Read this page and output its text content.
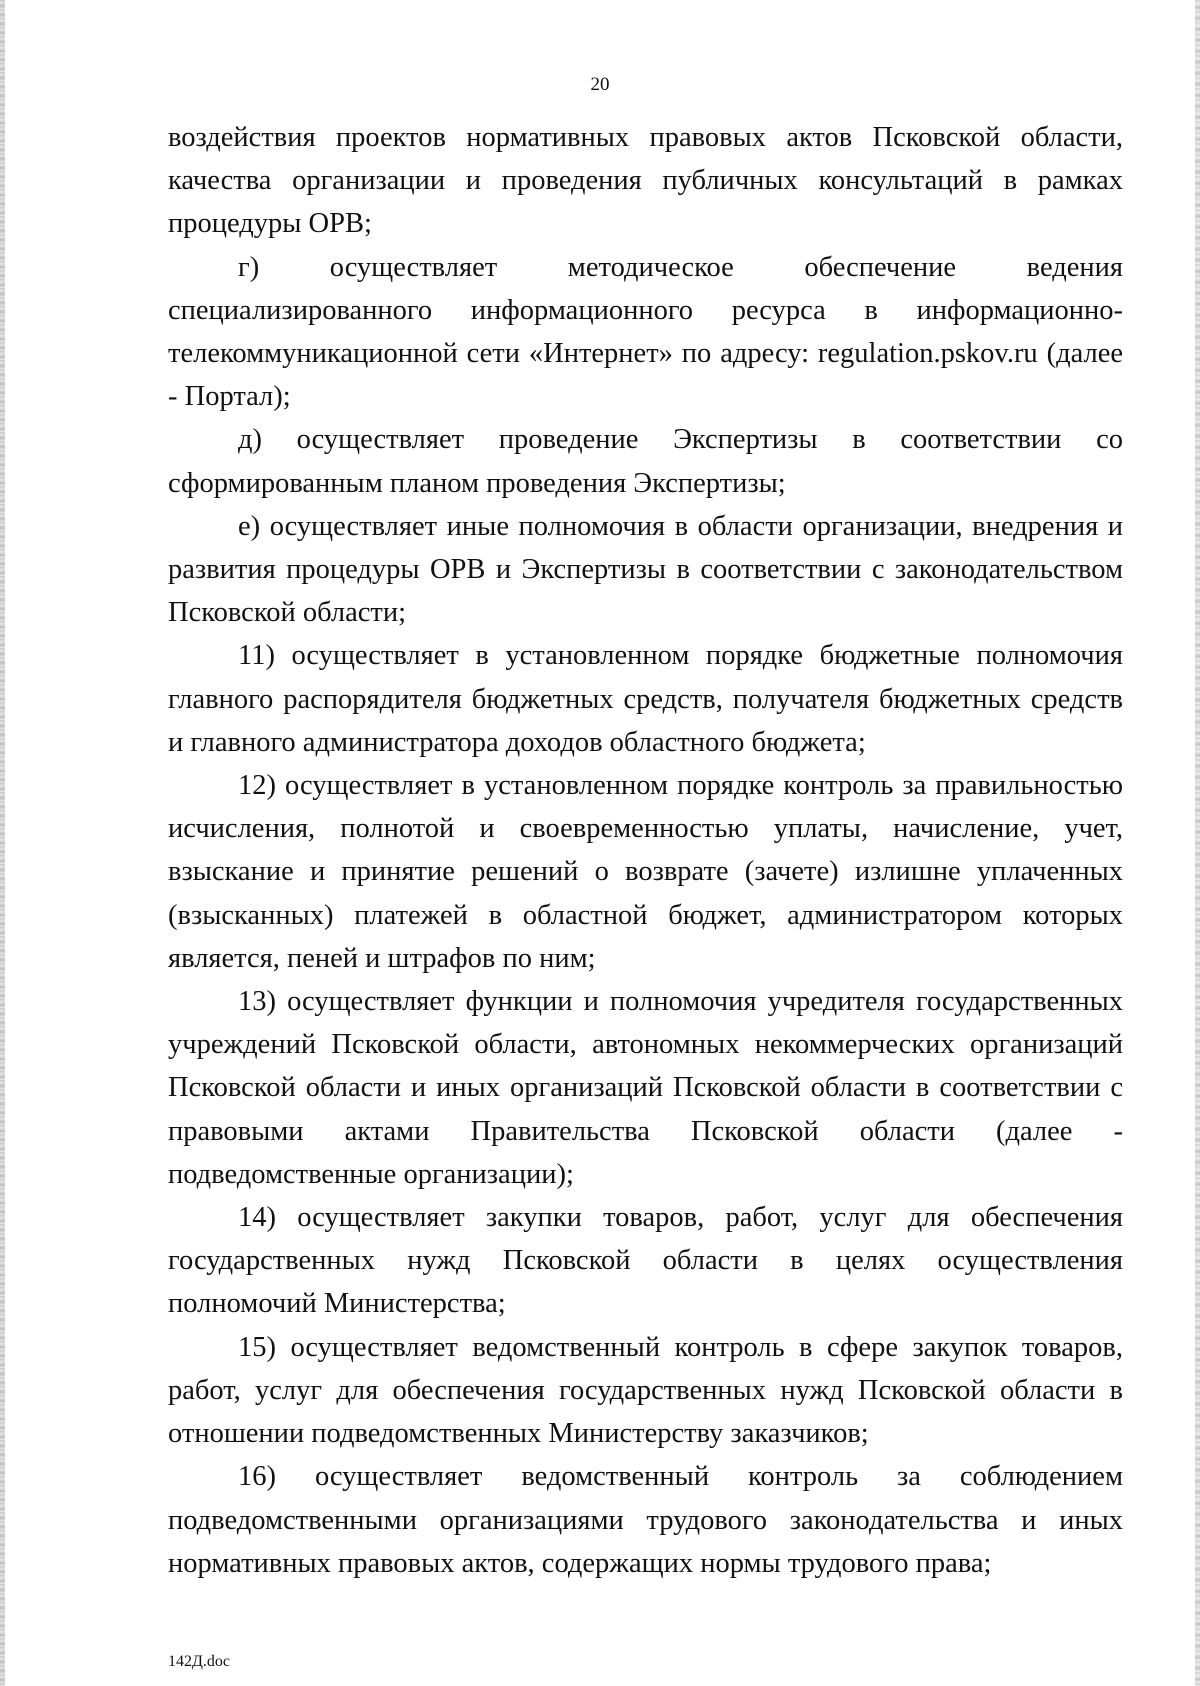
20

воздействия проектов нормативных правовых актов Псковской области, качества организации и проведения публичных консультаций в рамках процедуры ОРВ;

г) осуществляет методическое обеспечение ведения специализированного информационного ресурса в информационно-телекоммуникационной сети «Интернет» по адресу: regulation.pskov.ru (далее - Портал);

д) осуществляет проведение Экспертизы в соответствии со сформированным планом проведения Экспертизы;

е) осуществляет иные полномочия в области организации, внедрения и развития процедуры ОРВ и Экспертизы в соответствии с законодательством Псковской области;

11) осуществляет в установленном порядке бюджетные полномочия главного распорядителя бюджетных средств, получателя бюджетных средств и главного администратора доходов областного бюджета;

12) осуществляет в установленном порядке контроль за правильностью исчисления, полнотой и своевременностью уплаты, начисление, учет, взыскание и принятие решений о возврате (зачете) излишне уплаченных (взысканных) платежей в областной бюджет, администратором которых является, пеней и штрафов по ним;

13) осуществляет функции и полномочия учредителя государственных учреждений Псковской области, автономных некоммерческих организаций Псковской области и иных организаций Псковской области в соответствии с правовыми актами Правительства Псковской области (далее - подведомственные организации);

14) осуществляет закупки товаров, работ, услуг для обеспечения государственных нужд Псковской области в целях осуществления полномочий Министерства;

15) осуществляет ведомственный контроль в сфере закупок товаров, работ, услуг для обеспечения государственных нужд Псковской области в отношении подведомственных Министерству заказчиков;

16) осуществляет ведомственный контроль за соблюдением подведомственными организациями трудового законодательства и иных нормативных правовых актов, содержащих нормы трудового права;

142Д.doc
